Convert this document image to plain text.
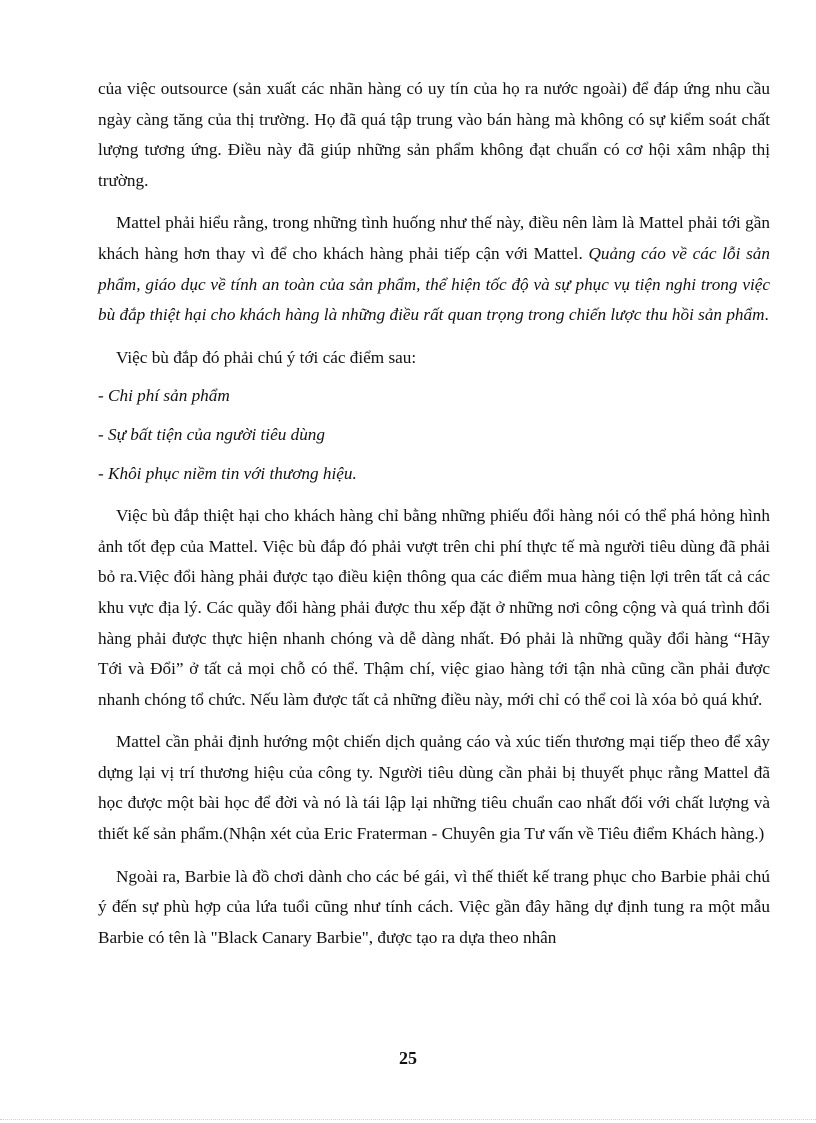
của việc outsource (sản xuất các nhãn hàng có uy tín của họ ra nước ngoài) để đáp ứng nhu cầu ngày càng tăng của thị trường. Họ đã quá tập trung vào bán hàng mà không có sự kiểm soát chất lượng tương ứng. Điều này đã giúp những sản phẩm không đạt chuẩn có cơ hội xâm nhập thị trường.

Mattel phải hiểu rằng, trong những tình huống như thế này, điều nên làm là Mattel phải tới gần khách hàng hơn thay vì để cho khách hàng phải tiếp cận với Mattel. Quảng cáo về các lỗi sản phẩm, giáo dục về tính an toàn của sản phẩm, thể hiện tốc độ và sự phục vụ tiện nghi trong việc bù đắp thiệt hại cho khách hàng là những điều rất quan trọng trong chiến lược thu hồi sản phẩm.

Việc bù đắp đó phải chú ý tới các điểm sau:

- Chi phí sản phẩm
- Sự bất tiện của người tiêu dùng
- Khôi phục niềm tin với thương hiệu.

Việc bù đắp thiệt hại cho khách hàng chỉ bằng những phiếu đổi hàng nói có thể phá hỏng hình ảnh tốt đẹp của Mattel. Việc bù đắp đó phải vượt trên chi phí thực tế mà người tiêu dùng đã phải bỏ ra.Việc đổi hàng phải được tạo điều kiện thông qua các điểm mua hàng tiện lợi trên tất cả các khu vực địa lý. Các quầy đổi hàng phải được thu xếp đặt ở những nơi công cộng và quá trình đổi hàng phải được thực hiện nhanh chóng và dễ dàng nhất. Đó phải là những quầy đổi hàng “Hãy Tới và Đổi” ở tất cả mọi chỗ có thể. Thậm chí, việc giao hàng tới tận nhà cũng cần phải được nhanh chóng tổ chức. Nếu làm được tất cả những điều này, mới chỉ có thể coi là xóa bỏ quá khứ.

Mattel cần phải định hướng một chiến dịch quảng cáo và xúc tiến thương mại tiếp theo để xây dựng lại vị trí thương hiệu của công ty. Người tiêu dùng cần phải bị thuyết phục rằng Mattel đã học được một bài học để đời và nó là tái lập lại những tiêu chuẩn cao nhất đối với chất lượng và thiết kế sản phẩm.(Nhận xét của Eric Fraterman - Chuyên gia Tư vấn về Tiêu điểm Khách hàng.)

Ngoài ra, Barbie là đồ chơi dành cho các bé gái, vì thế thiết kế trang phục cho Barbie phải chú ý đến sự phù hợp của lứa tuổi cũng như tính cách. Việc gần đây hãng dự định tung ra một mẫu Barbie có tên là "Black Canary Barbie", được tạo ra dựa theo nhân

25
